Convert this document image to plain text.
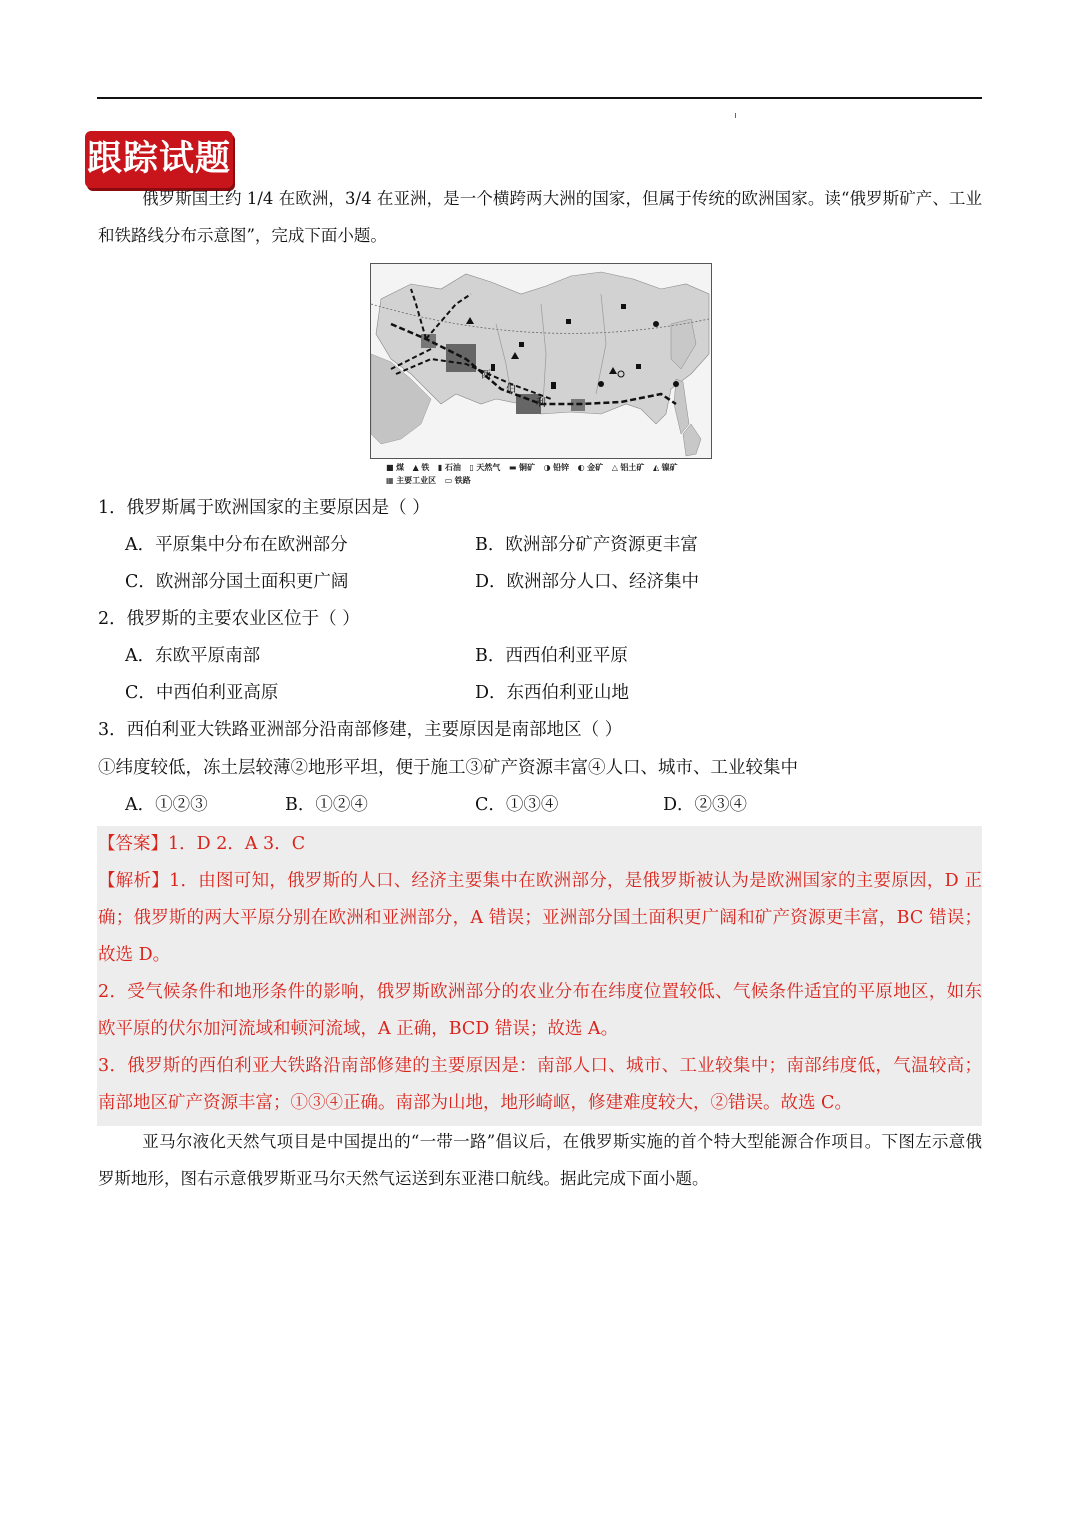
跟踪试题
俄罗斯国土约 1/4 在欧洲，3/4 在亚洲，是一个横跨两大洲的国家，但属于传统的欧洲国家。读“俄罗斯矿产、工业和铁路线分布示意图”，完成下面小题。
西
伯
利
■ 煤 ▲ 铁 ▮ 石油 ▯ 天然气 ▬ 铜矿 ◑ 铅锌 ◐ 金矿 △ 铝土矿 ◭ 镍矿
▦ 主要工业区 ▭ 铁路
1．俄罗斯属于欧洲国家的主要原因是（ ）
A．平原集中分布在欧洲部分	B．欧洲部分矿产资源更丰富
C．欧洲部分国土面积更广阔	D．欧洲部分人口、经济集中
2．俄罗斯的主要农业区位于（ ）
A．东欧平原南部	B．西西伯利亚平原
C．中西伯利亚高原	D．东西伯利亚山地
3．西伯利亚大铁路亚洲部分沿南部修建，主要原因是南部地区（ ）
①纬度较低，冻土层较薄②地形平坦，便于施工③矿产资源丰富④人口、城市、工业较集中
A．①②③	B．①②④	C．①③④	D．②③④
【答案】1．D 2．A 3．C
【解析】1．由图可知，俄罗斯的人口、经济主要集中在欧洲部分，是俄罗斯被认为是欧洲国家的主要原因，D 正确；俄罗斯的两大平原分别在欧洲和亚洲部分，A 错误；亚洲部分国土面积更广阔和矿产资源更丰富，BC 错误；故选 D。
2．受气候条件和地形条件的影响，俄罗斯欧洲部分的农业分布在纬度位置较低、气候条件适宜的平原地区，如东欧平原的伏尔加河流域和顿河流域，A 正确，BCD 错误；故选 A。
3．俄罗斯的西伯利亚大铁路沿南部修建的主要原因是：南部人口、城市、工业较集中；南部纬度低，气温较高；南部地区矿产资源丰富；①③④正确。南部为山地，地形崎岖，修建难度较大，②错误。故选 C。
亚马尔液化天然气项目是中国提出的“一带一路”倡议后，在俄罗斯实施的首个特大型能源合作项目。下图左示意俄罗斯地形，图右示意俄罗斯亚马尔天然气运送到东亚港口航线。据此完成下面小题。
